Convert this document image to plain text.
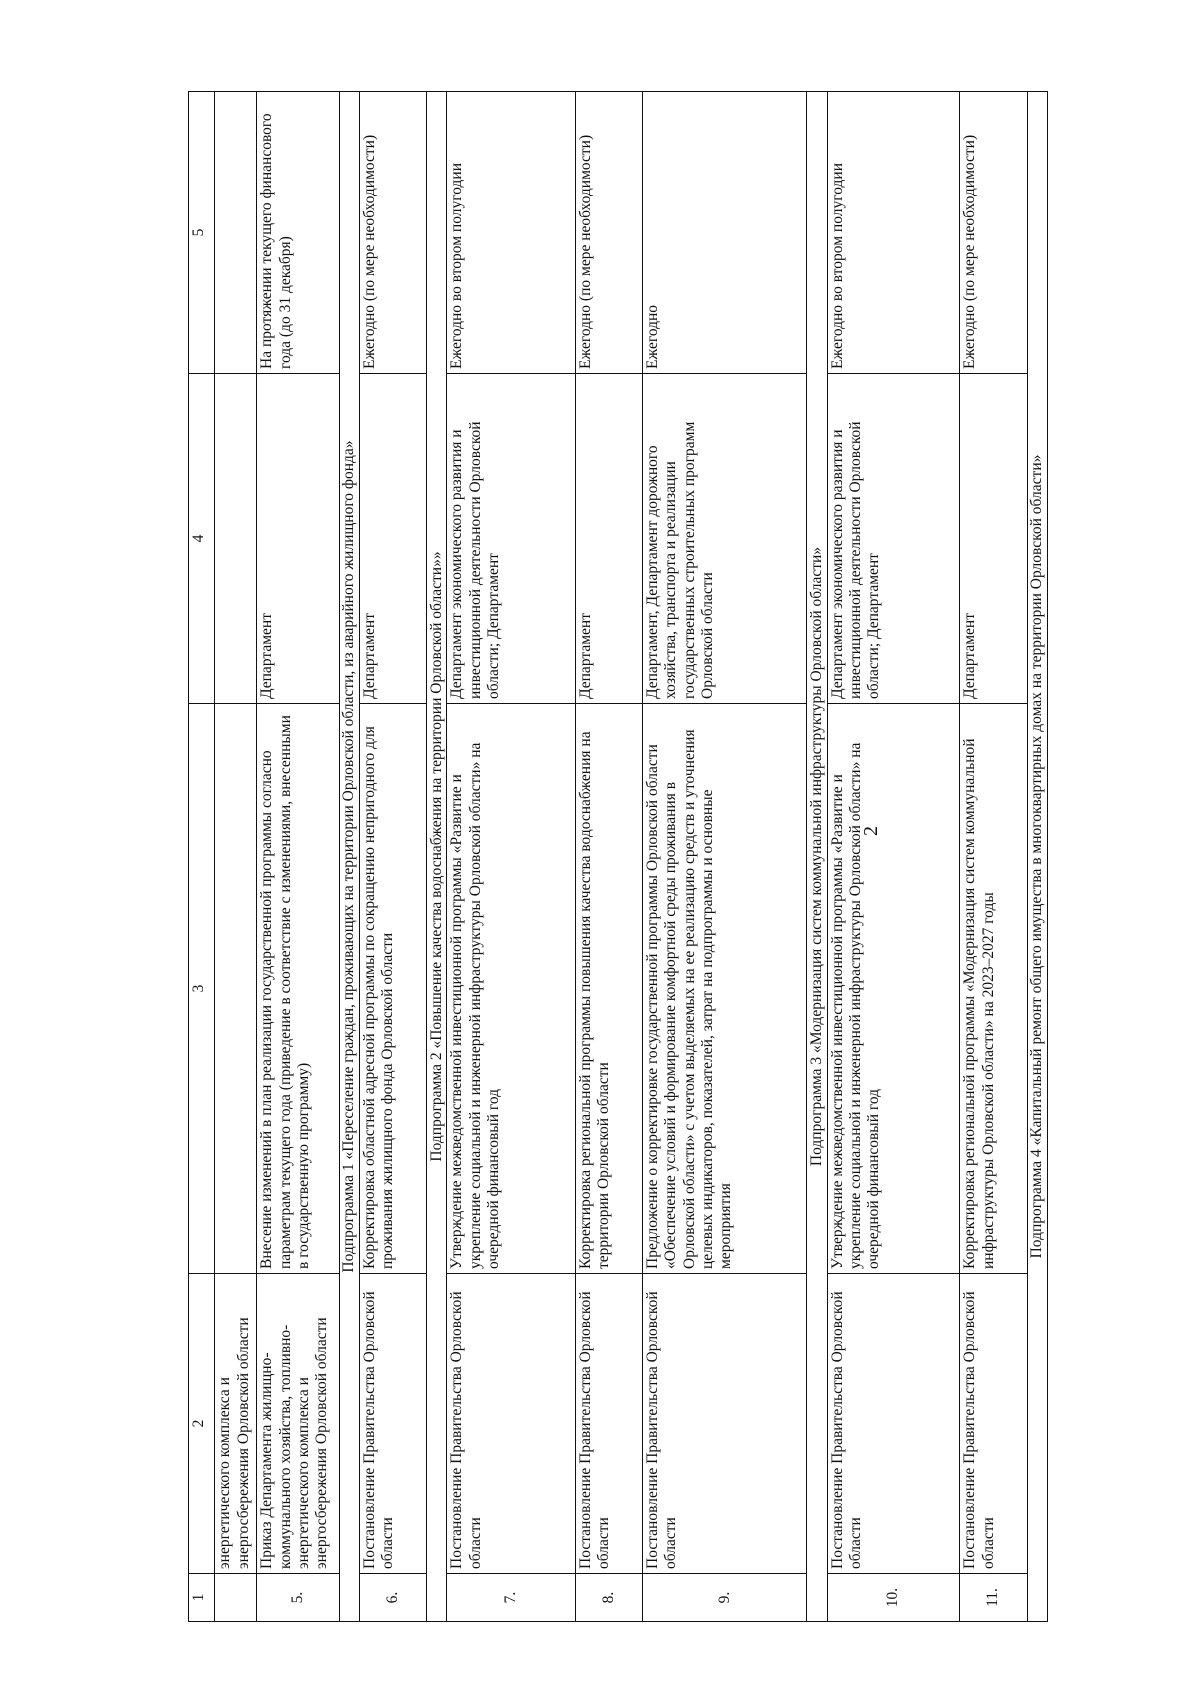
2
1	2	3	4	5
	энергетического комплекса и энергосбережения Орловской области			
5.	Приказ Департамента жилищно-коммунального хозяйства, топливно-энергетического комплекса и энергосбережения Орловской области	Внесение изменений в план реализации государственной программы согласно параметрам текущего года (приведение в соответствие с изменениями, внесенными в государственную программу)	Департамент	На протяжении текущего финансового года (до 31 декабря)
Подпрограмма 1 «Переселение граждан, проживающих на территории Орловской области, из аварийного жилищного фонда»				
6.	Постановление Правительства Орловской области	Корректировка областной адресной программы по сокращению непригодного для проживания жилищного фонда Орловской области	Департамент	Ежегодно (по мере необходимости)
Подпрограмма 2 «Повышение качества водоснабжения на территории Орловской области»»				
7.	Постановление Правительства Орловской области	Утверждение межведомственной инвестиционной программы «Развитие и укрепление социальной и инженерной инфраструктуры Орловской области» на очередной финансовый год	Департамент экономического развития и инвестиционной деятельности Орловской области; Департамент	Ежегодно во втором полугодии
8.	Постановление Правительства Орловской области	Корректировка региональной программы повышения качества водоснабжения на территории Орловской области	Департамент	Ежегодно (по мере необходимости)
9.	Постановление Правительства Орловской области	Предложение о корректировке государственной программы Орловской области «Обеспечение условий и формирование комфортной среды проживания в Орловской области» с учетом выделяемых на ее реализацию средств и уточнения целевых индикаторов, показателей, затрат на подпрограммы и основные мероприятия	Департамент, Департамент дорожного хозяйства, транспорта и реализации государственных строительных программ Орловской области	Ежегодно
Подпрограмма 3 «Модернизация систем коммунальной инфраструктуры Орловской области»				
10.	Постановление Правительства Орловской области	Утверждение межведомственной инвестиционной программы «Развитие и укрепление социальной и инженерной инфраструктуры Орловской области» на очередной финансовый год	Департамент экономического развития и инвестиционной деятельности Орловской области; Департамент	Ежегодно во втором полугодии
11.	Постановление Правительства Орловской области	Корректировка региональной программы «Модернизация систем коммунальной инфраструктуры Орловской области» на 2023–2027 годы	Департамент	Ежегодно (по мере необходимости)
Подпрограмма 4 «Капитальный ремонт общего имущества в многоквартирных домах на территории Орловской области»				
